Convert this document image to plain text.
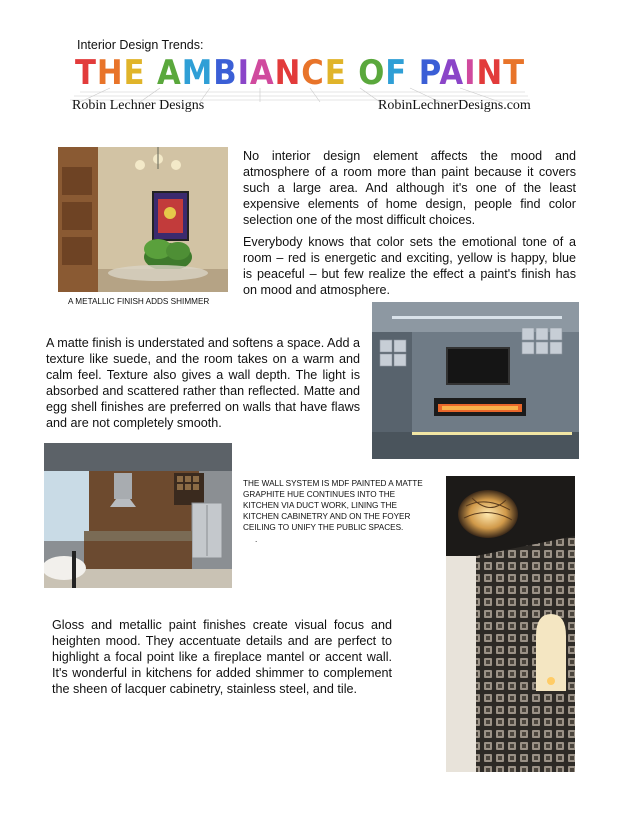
Interior Design Trends:
THE AMBIANCE OF PAINT
Robin Lechner Designs	RobinLechnerDesigns.com
A METALLIC FINISH ADDS SHIMMER

No interior design element affects the mood and atmosphere of a room more than paint because it covers such a large area. And although it's one of the least expensive elements of home design, people find color selection one of the most difficult choices.

Everybody knows that color sets the emotional tone of a room – red is energetic and exciting, yellow is happy, blue is peaceful – but few realize the effect a paint's finish has on mood and atmosphere.

A matte finish is understated and softens a space. Add a texture like suede, and the room takes on a warm and calm feel. Texture also gives a wall depth. The light is absorbed and scattered rather than reflected. Matte and egg shell finishes are preferred on walls that have flaws and are not completely smooth.

THE WALL SYSTEM IS MDF PAINTED A MATTE GRAPHITE HUE CONTINUES INTO THE KITCHEN VIA DUCT WORK, LINING THE KITCHEN CABINETRY AND ON THE FOYER CEILING TO UNIFY THE PUBLIC SPACES.
.

Gloss and metallic paint finishes create visual focus and heighten mood. They accentuate details and are perfect to highlight a focal point like a fireplace mantel or accent wall. It's wonderful in kitchens for added shimmer to complement the sheen of lacquer cabinetry, stainless steel, and tile.
